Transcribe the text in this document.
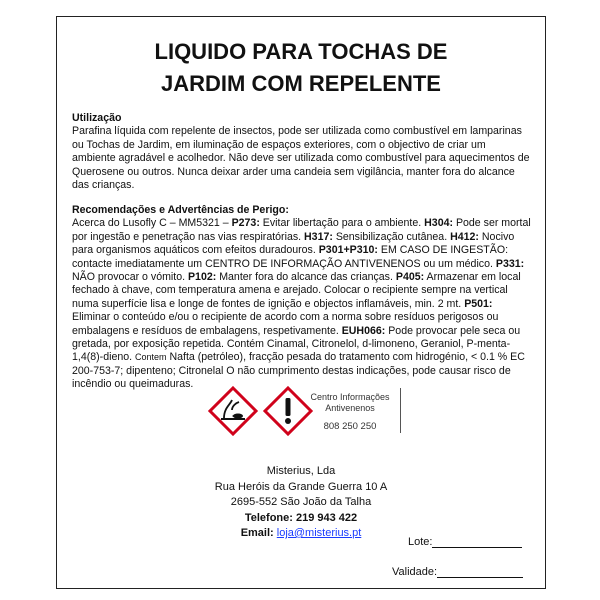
LIQUIDO PARA TOCHAS DE
JARDIM COM REPELENTE

Utilização

Parafina líquida com repelente de insectos, pode ser utilizada como combustível em lamparinas ou Tochas de Jardim, em iluminação de espaços exteriores, com o objectivo de criar um ambiente agradável e acolhedor. Não deve ser utilizada como combustível para aquecimentos de Querosene ou outros. Nunca deixar arder uma candeia sem vigilância, manter fora do alcance das crianças.

Recomendações e Advertências de Perigo:

Acerca do Lusofly C – MM5321 – P273: Evitar libertação para o ambiente. H304: Pode ser mortal por ingestão e penetração nas vias respiratórias. H317: Sensibilização cutânea. H412: Nocivo para organismos aquáticos com efeitos duradouros. P301+P310: EM CASO DE INGESTÃO: contacte imediatamente um CENTRO DE INFORMAÇÃO ANTIVENENOS ou um médico. P331: NÃO provocar o vómito. P102: Manter fora do alcance das crianças. P405: Armazenar em local fechado à chave, com temperatura amena e arejado. Colocar o recipiente sempre na vertical numa superfície lisa e longe de fontes de ignição e objectos inflamáveis, min. 2 mt. P501: Eliminar o conteúdo e/ou o recipiente de acordo com a norma sobre resíduos perigosos ou embalagens e resíduos de embalagens, respetivamente. EUH066: Pode provocar pele seca ou gretada, por exposição repetida. Contém Cinamal, Citronelol, d-limoneno, Geraniol, P-menta-1,4(8)-dieno. Contem Nafta (petróleo), fracção pesada do tratamento com hidrogénio, < 0.1 % EC 200-753-7; dipenteno; Citronelal O não cumprimento destas indicações, pode causar risco de incêndio ou queimaduras.

Centro Informações
Antivenenos
808 250 250
Misterius, Lda
Rua Heróis da Grande Guerra 10 A
2695-552 São João da Talha
Telefone: 219 943 422
Email: loja@misterius.pt
Lote:
Validade:
